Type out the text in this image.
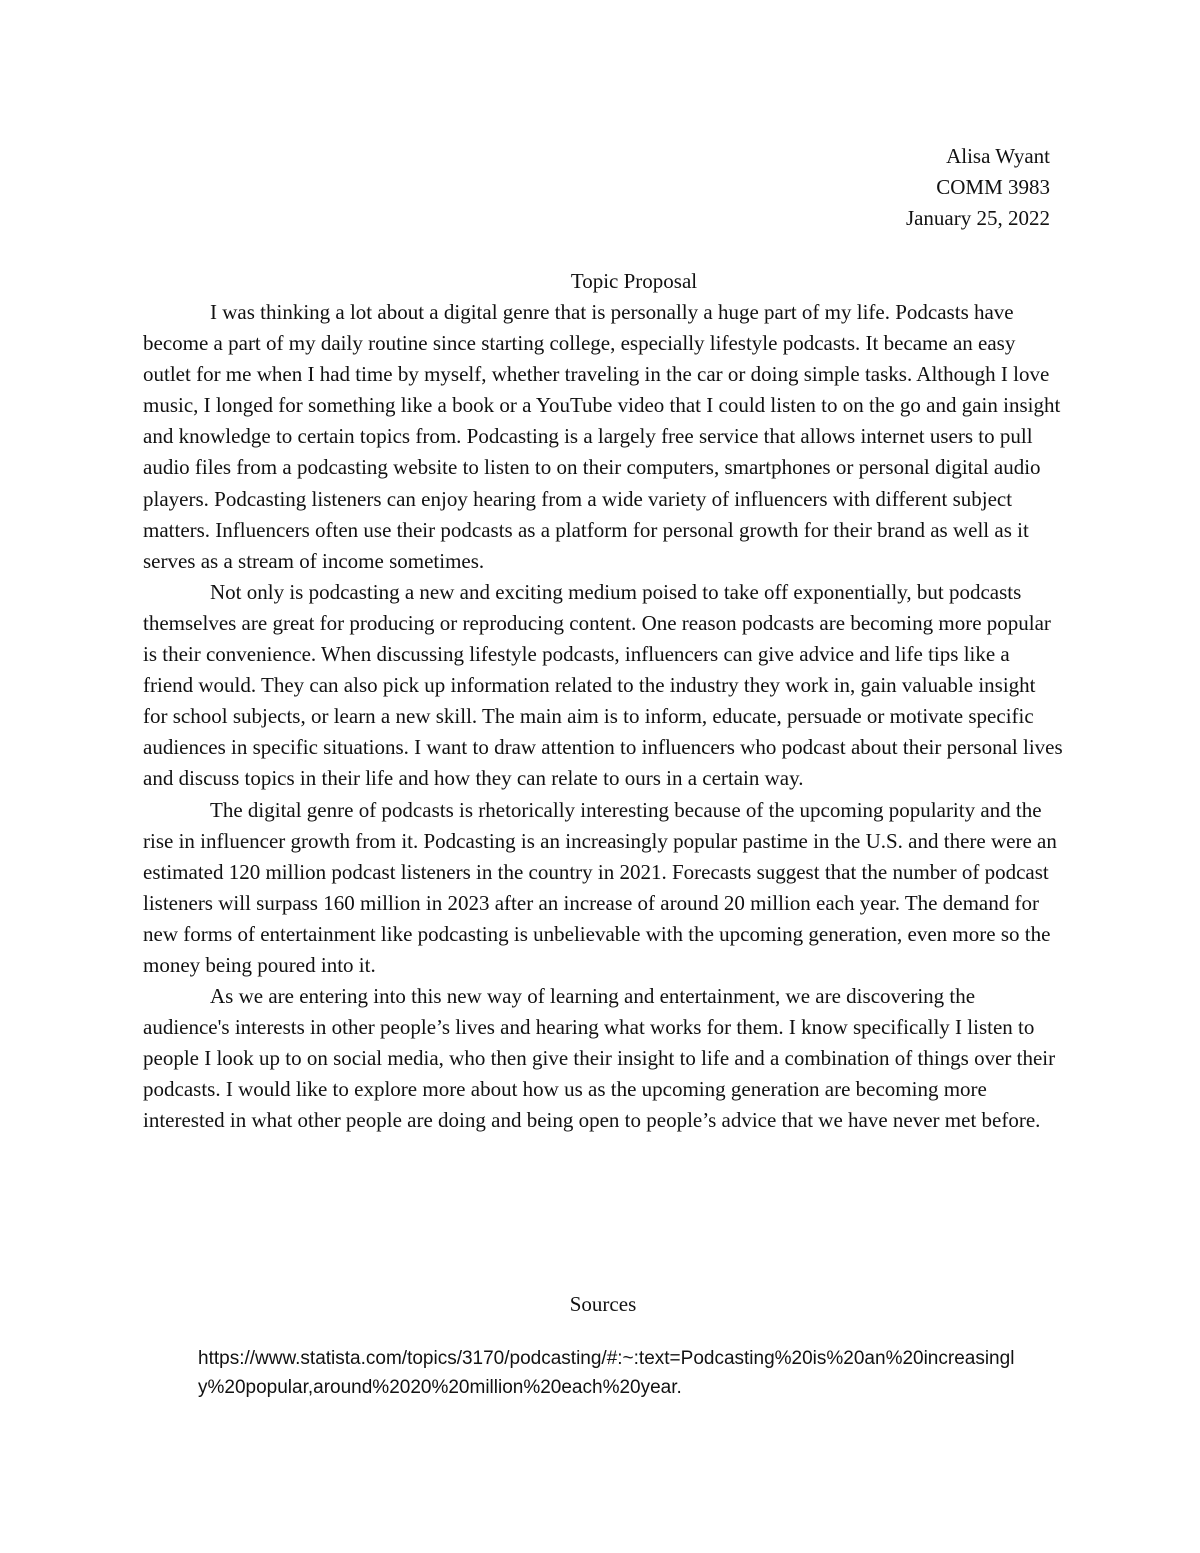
Alisa Wyant
COMM 3983
January 25, 2022
Topic Proposal

I was thinking a lot about a digital genre that is personally a huge part of my life. Podcasts have become a part of my daily routine since starting college, especially lifestyle podcasts. It became an easy outlet for me when I had time by myself, whether traveling in the car or doing simple tasks. Although I love music, I longed for something like a book or a YouTube video that I could listen to on the go and gain insight and knowledge to certain topics from. Podcasting is a largely free service that allows internet users to pull audio files from a podcasting website to listen to on their computers, smartphones or personal digital audio players. Podcasting listeners can enjoy hearing from a wide variety of influencers with different subject matters. Influencers often use their podcasts as a platform for personal growth for their brand as well as it serves as a stream of income sometimes.

Not only is podcasting a new and exciting medium poised to take off exponentially, but podcasts themselves are great for producing or reproducing content. One reason podcasts are becoming more popular is their convenience. When discussing lifestyle podcasts, influencers can give advice and life tips like a friend would. They can also pick up information related to the industry they work in, gain valuable insight for school subjects, or learn a new skill. The main aim is to inform, educate, persuade or motivate specific audiences in specific situations. I want to draw attention to influencers who podcast about their personal lives and discuss topics in their life and how they can relate to ours in a certain way.

The digital genre of podcasts is rhetorically interesting because of the upcoming popularity and the rise in influencer growth from it. Podcasting is an increasingly popular pastime in the U.S. and there were an estimated 120 million podcast listeners in the country in 2021. Forecasts suggest that the number of podcast listeners will surpass 160 million in 2023 after an increase of around 20 million each year. The demand for new forms of entertainment like podcasting is unbelievable with the upcoming generation, even more so the money being poured into it.

As we are entering into this new way of learning and entertainment, we are discovering the audience's interests in other people’s lives and hearing what works for them. I know specifically I listen to people I look up to on social media, who then give their insight to life and a combination of things over their podcasts. I would like to explore more about how us as the upcoming generation are becoming more interested in what other people are doing and being open to people’s advice that we have never met before.

Sources
https://www.statista.com/topics/3170/podcasting/#:~:text=Podcasting%20is%20an%20increasingly%20popular,around%2020%20million%20each%20year.
